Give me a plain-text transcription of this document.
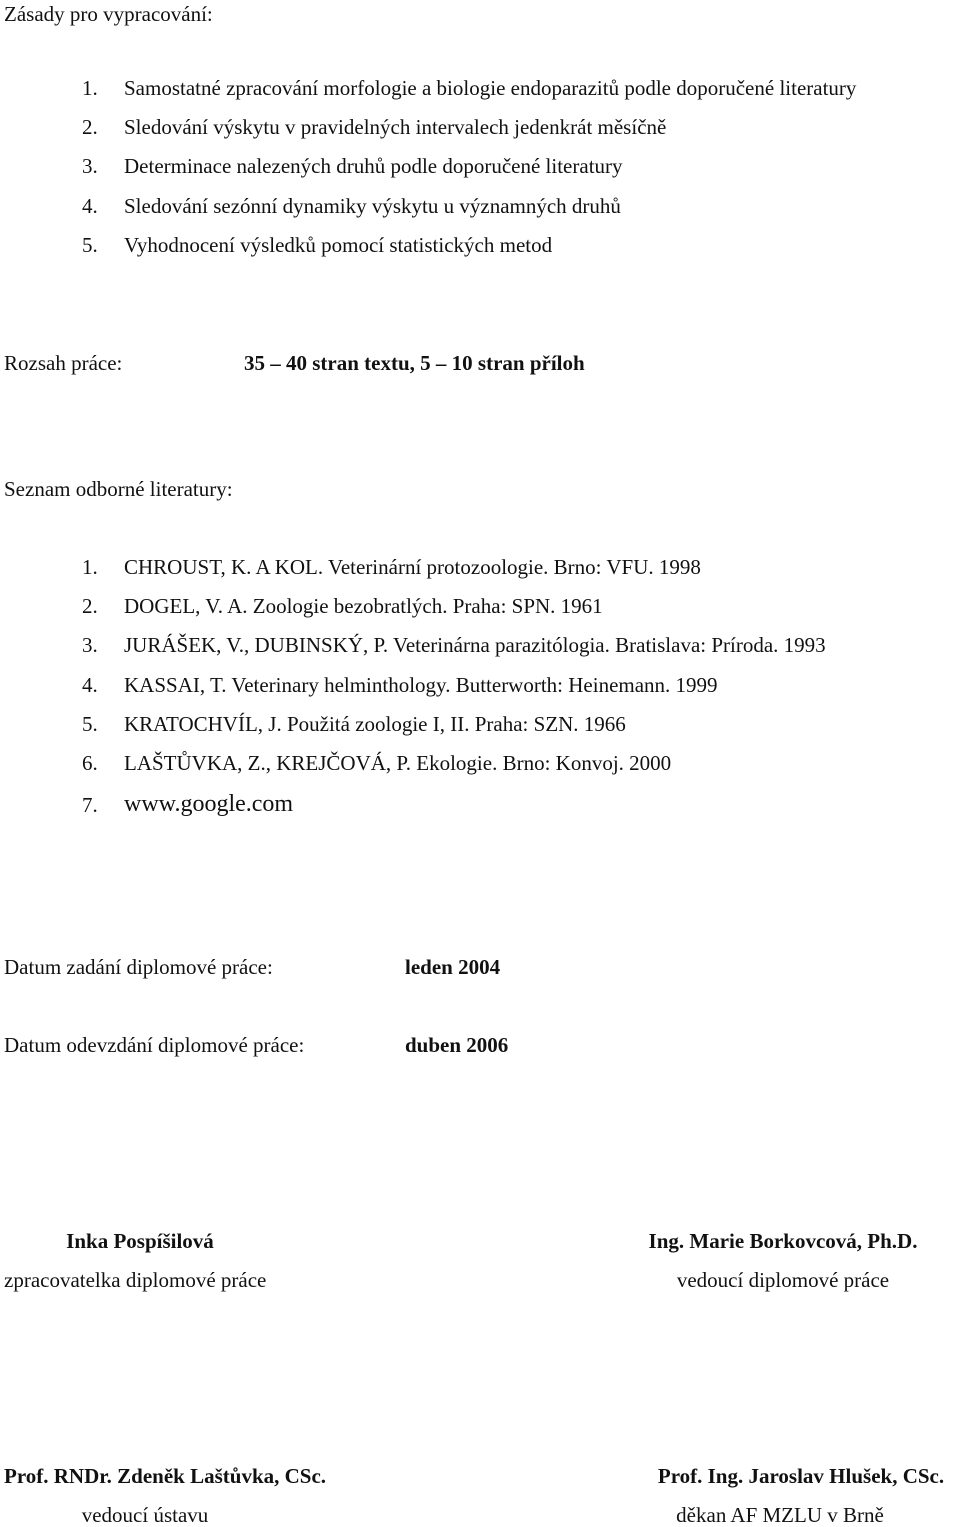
Zásady pro vypracování:
1. Samostatné zpracování morfologie a biologie endoparazitů podle doporučené literatury
2. Sledování výskytu v pravidelných intervalech jedenkrát měsíčně
3. Determinace nalezených druhů podle doporučené literatury
4. Sledování sezónní dynamiky výskytu u významných druhů
5. Vyhodnocení výsledků pomocí statistických metod
Rozsah práce:	35 – 40 stran textu, 5 – 10 stran příloh
Seznam odborné literatury:
1. CHROUST, K. A KOL. Veterinární protozoologie. Brno: VFU. 1998
2. DOGEL, V. A. Zoologie bezobratlých. Praha: SPN. 1961
3. JURÁŠEK, V., DUBINSKÝ, P. Veterinárna parazitólogia. Bratislava: Príroda. 1993
4. KASSAI, T. Veterinary helminthology. Butterworth: Heinemann. 1999
5. KRATOCHVÍL, J. Použitá zoologie I, II. Praha: SZN. 1966
6. LAŠTŮVKA, Z., KREJČOVÁ, P. Ekologie. Brno: Konvoj. 2000
7. www.google.com
Datum zadání diplomové práce:	leden 2004
Datum odevzdání diplomové práce:	duben 2006
Inka Pospíšilová
zpracovatelka diplomové práce
Ing. Marie Borkovcová, Ph.D.
vedoucí diplomové práce
Prof. RNDr. Zdeněk Laštůvka, CSc.
vedoucí ústavu
Prof. Ing. Jaroslav Hlušek, CSc.
děkan AF MZLU v Brně
